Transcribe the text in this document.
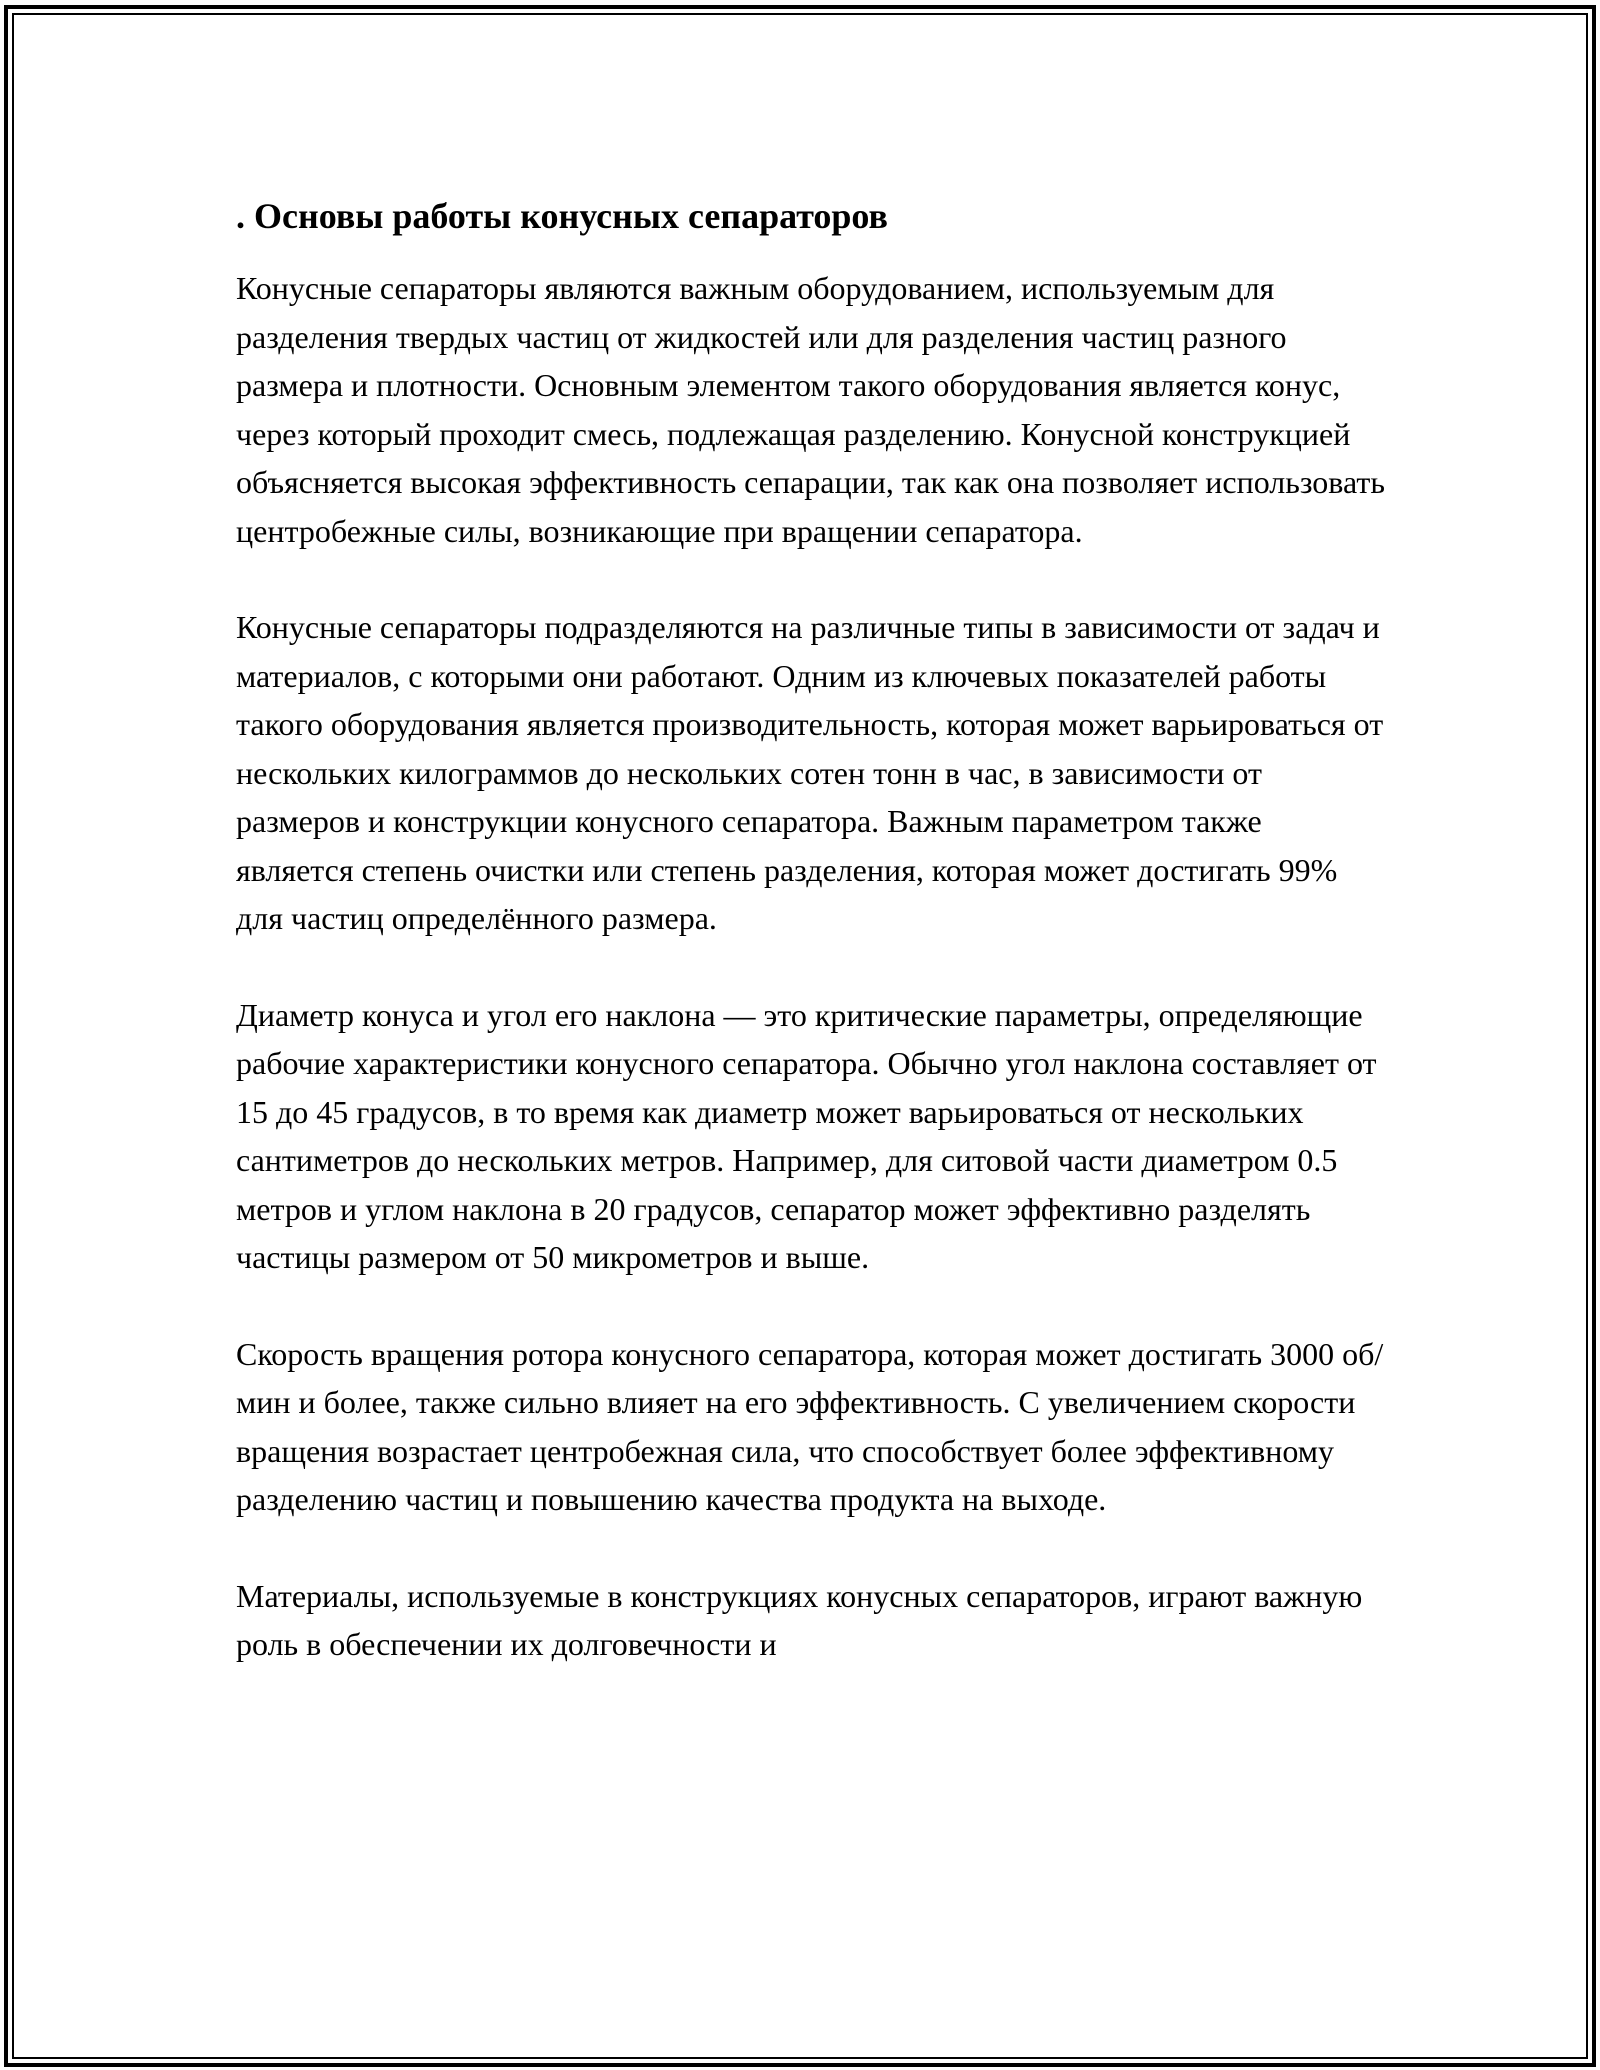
. Основы работы конусных сепараторов

Конусные сепараторы являются важным оборудованием, используемым для разделения твердых частиц от жидкостей или для разделения частиц разного размера и плотности. Основным элементом такого оборудования является конус, через который проходит смесь, подлежащая разделению. Конусной конструкцией объясняется высокая эффективность сепарации, так как она позволяет использовать центробежные силы, возникающие при вращении сепаратора.

Конусные сепараторы подразделяются на различные типы в зависимости от задач и материалов, с которыми они работают. Одним из ключевых показателей работы такого оборудования является производительность, которая может варьироваться от нескольких килограммов до нескольких сотен тонн в час, в зависимости от размеров и конструкции конусного сепаратора. Важным параметром также является степень очистки или степень разделения, которая может достигать 99% для частиц определённого размера.

Диаметр конуса и угол его наклона — это критические параметры, определяющие рабочие характеристики конусного сепаратора. Обычно угол наклона составляет от 15 до 45 градусов, в то время как диаметр может варьироваться от нескольких сантиметров до нескольких метров. Например, для ситовой части диаметром 0.5 метров и углом наклона в 20 градусов, сепаратор может эффективно разделять частицы размером от 50 микрометров и выше.

Скорость вращения ротора конусного сепаратора, которая может достигать 3000 об/мин и более, также сильно влияет на его эффективность. С увеличением скорости вращения возрастает центробежная сила, что способствует более эффективному разделению частиц и повышению качества продукта на выходе.

Материалы, используемые в конструкциях конусных сепараторов, играют важную роль в обеспечении их долговечности и
